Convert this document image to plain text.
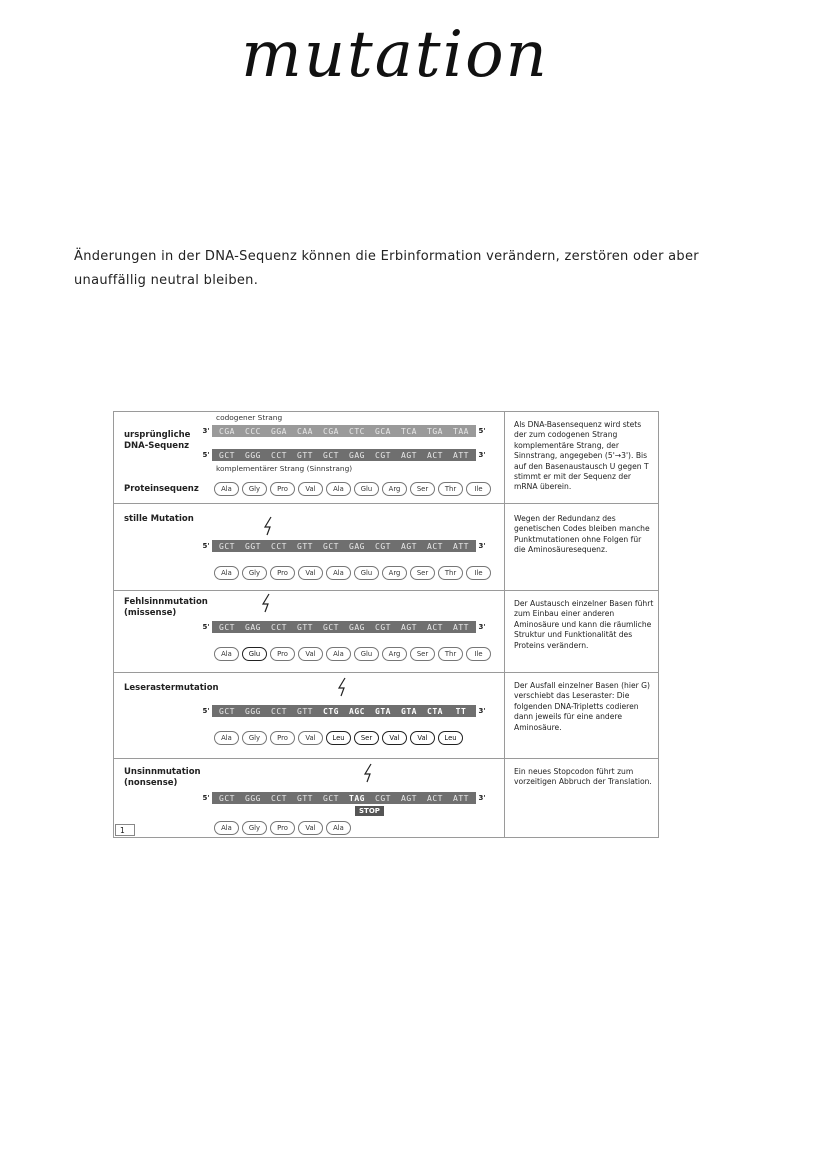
mutation
Änderungen in der DNA-Sequenz können die Erbinformation verändern, zerstören oder aber
unauffällig neutral bleiben.
ursprüngliche DNA-Sequenz
codogener Strang
3'	CGA	CCC	GGA	CAA	CGA	CTC	GCA	TCA	TGA	TAA	5'
5'	GCT	GGG	CCT	GTT	GCT	GAG	CGT	AGT	ACT	ATT	3'
komplementärer Strang (Sinnstrang)
Proteinsequenz	Ala	Gly	Pro	Val	Ala	Glu	Arg	Ser	Thr	Ile
Als DNA-Basensequenz wird stets der zum codogenen Strang komplementäre Strang, der Sinnstrang, angegeben (5'→3'). Bis auf den Basenaustausch U gegen T stimmt er mit der Sequenz der mRNA überein.
stille Mutation
5'	GCT	GGT	CCT	GTT	GCT	GAG	CGT	AGT	ACT	ATT	3'
Ala	Gly	Pro	Val	Ala	Glu	Arg	Ser	Thr	Ile
Wegen der Redundanz des genetischen Codes bleiben manche Punktmutationen ohne Folgen für die Aminosäuresequenz.
Fehlsinnmutation (missense)
5'	GCT	GAG	CCT	GTT	GCT	GAG	CGT	AGT	ACT	ATT	3'
Ala	Glu	Pro	Val	Ala	Glu	Arg	Ser	Thr	Ile
Der Austausch einzelner Basen führt zum Einbau einer anderen Aminosäure und kann die räumliche Struktur und Funktionalität des Proteins verändern.
Leserastermutation
5'	GCT	GGG	CCT	GTT	CTG	AGC	GTA	GTA	CTA	TT	3'
Ala	Gly	Pro	Val	Leu	Ser	Val	Val	Leu
Der Ausfall einzelner Basen (hier G) verschiebt das Leseraster: Die folgenden DNA-Tripletts codieren dann jeweils für eine andere Aminosäure.
Unsinnmutation (nonsense)
5'	GCT	GGG	CCT	GTT	GCT	TAG	CGT	AGT	ACT	ATT	3'
STOP
Ala	Gly	Pro	Val	Ala
Ein neues Stopcodon führt zum vorzeitigen Abbruch der Translation.
1
